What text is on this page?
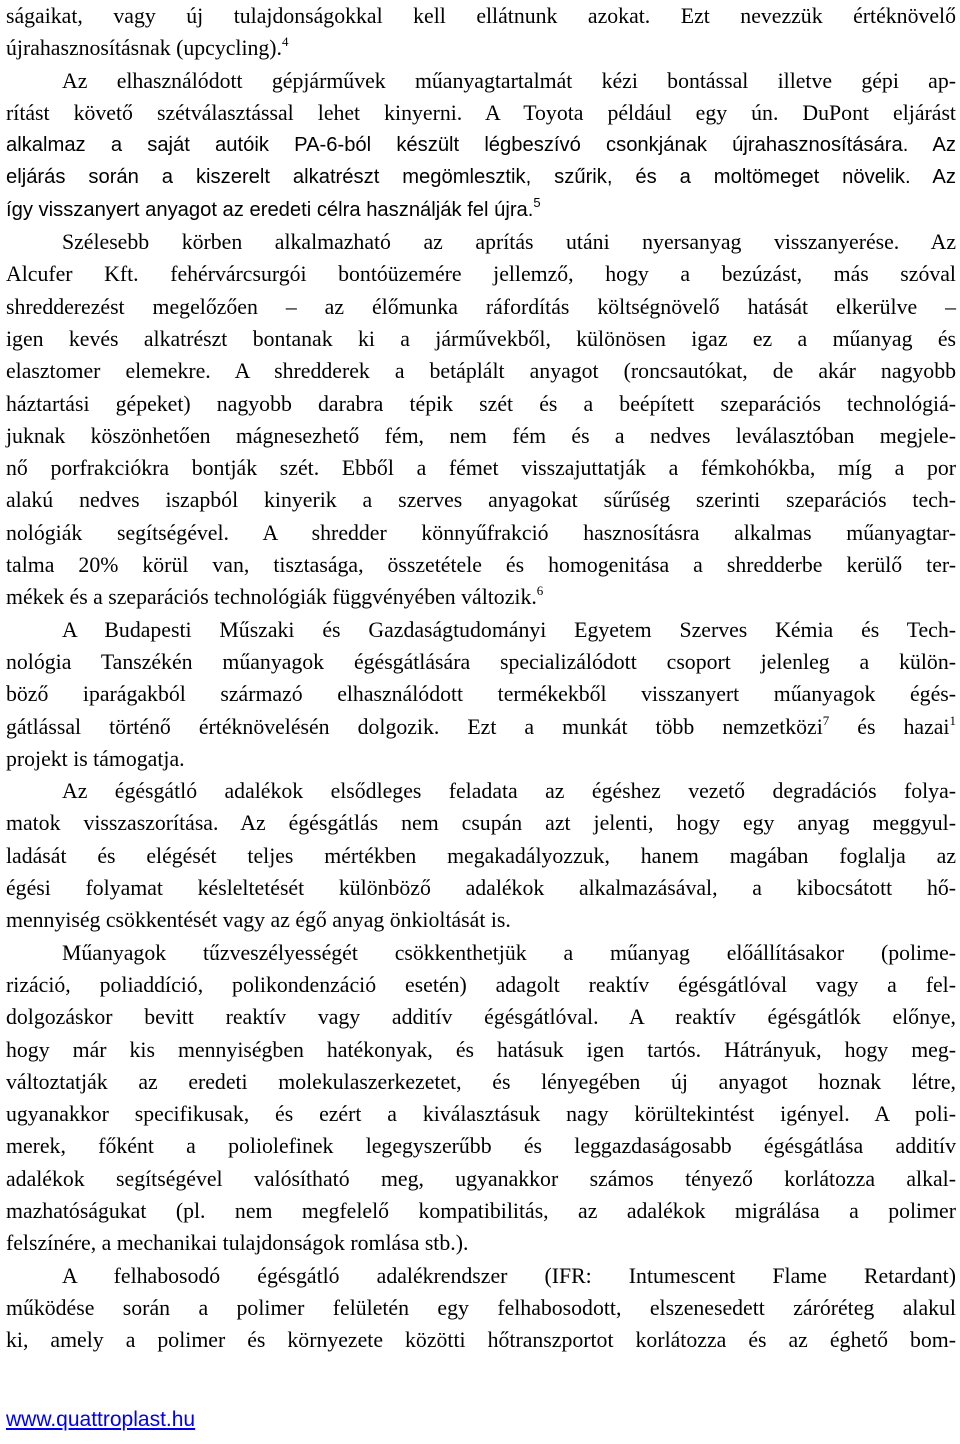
ságaikat, vagy új tulajdonságokkal kell ellátnunk azokat. Ezt nevezzük értéknövelő
újrahasznosításnak (upcycling).$^4$
Az elhasználódott gépjárművek műanyagtartalmát kézi bontással illetve gépi ap-
rítást követő szétválasztással lehet kinyerni. A Toyota például egy ún. DuPont eljárást
alkalmaz a saját autóik PA-6-ból készült légbeszívó csonkjának újrahasznosítására. Az
eljárás során a kiszerelt alkatrészt megömlesztik, szűrik, és a moltömeget növelik. Az
így visszanyert anyagot az eredeti célra használják fel újra.$^5$
Szélesebb körben alkalmazható az aprítás utáni nyersanyag visszanyerése. Az
Alcufer Kft. fehérvárcsurgói bontóüzemére jellemző, hogy a bezúzást, más szóval
shredderezést megelőzően – az élőmunka ráfordítás költségnövelő hatását elkerülve –
igen kevés alkatrészt bontanak ki a járművekből, különösen igaz ez a műanyag és
elasztomer elemekre. A shredderek a betáplált anyagot (roncsautókat, de akár nagyobb
háztartási gépeket) nagyobb darabra tépik szét és a beépített szeparációs technológiá-
juknak köszönhetően mágnesezhető fém, nem fém és a nedves leválasztóban megjele-
nő porfrakciókra bontják szét. Ebből a fémet visszajuttatják a fémkohókba, míg a por
alakú nedves iszapból kinyerik a szerves anyagokat sűrűség szerinti szeparációs tech-
nológiák segítségével. A shredder könnyűfrakció hasznosításra alkalmas műanyagtar-
talma 20% körül van, tisztasága, összetétele és homogenitása a shredderbe kerülő ter-
mékek és a szeparációs technológiák függvényében változik.$^6$
A Budapesti Műszaki és Gazdaságtudományi Egyetem Szerves Kémia és Tech-
nológia Tanszékén műanyagok égésgátlására specializálódott csoport jelenleg a külön-
böző iparágakból származó elhasználódott termékekből visszanyert műanyagok égés-
gátlással történő értéknövelésén dolgozik. Ezt a munkát több nemzetközi$^7$ és hazai$^1$
projekt is támogatja.
Az égésgátló adalékok elsődleges feladata az égéshez vezető degradációs folya-
matok visszaszorítása. Az égésgátlás nem csupán azt jelenti, hogy egy anyag meggyul-
ladását és elégését teljes mértékben megakadályozzuk, hanem magában foglalja az
égési folyamat késleltetését különböző adalékok alkalmazásával, a kibocsátott hő-
mennyiség csökkentését vagy az égő anyag önkioltását is.
Műanyagok tűzveszélyességét csökkenthetjük a műanyag előállításakor (polime-
rizáció, poliaddíció, polikondenzáció esetén) adagolt reaktív égésgátlóval vagy a fel-
dolgozáskor bevitt reaktív vagy additív égésgátlóval. A reaktív égésgátlók előnye,
hogy már kis mennyiségben hatékonyak, és hatásuk igen tartós. Hátrányuk, hogy meg-
változtatják az eredeti molekulaszerkezetet, és lényegében új anyagot hoznak létre,
ugyanakkor specifikusak, és ezért a kiválasztásuk nagy körültekintést igényel. A poli-
merek, főként a poliolefinek legegyszerűbb és leggazdaságosabb égésgátlása additív
adalékok segítségével valósítható meg, ugyanakkor számos tényező korlátozza alkal-
mazhatóságukat (pl. nem megfelelő kompatibilitás, az adalékok migrálása a polimer
felszínére, a mechanikai tulajdonságok romlása stb.).
A felhabosodó égésgátló adalékrendszer (IFR: Intumescent Flame Retardant)
működése során a polimer felületén egy felhabosodott, elszenesedett záróréteg alakul
ki, amely a polimer és környezete közötti hőtranszportot korlátozza és az éghető bom-
www.quattroplast.hu
